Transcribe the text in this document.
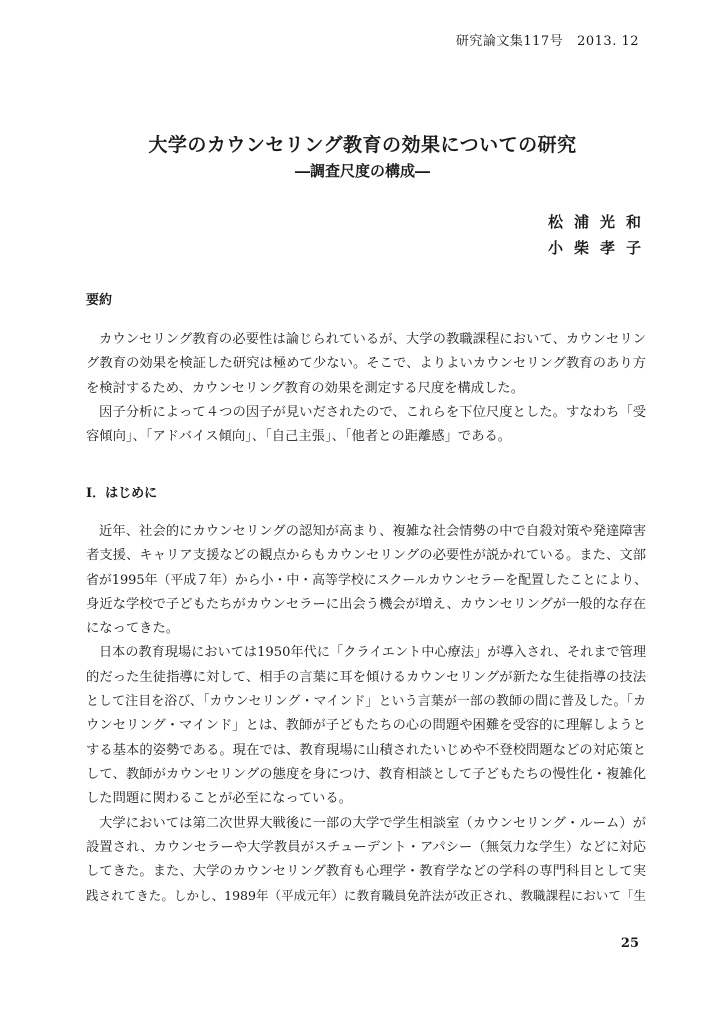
研究論文集117号 2013. 12
大学のカウンセリング教育の効果についての研究
―調査尺度の構成―
松浦光和
小柴孝子
要約
カウンセリング教育の必要性は論じられているが、大学の教職課程において、カウンセリン
グ教育の効果を検証した研究は極めて少ない。そこで、よりよいカウンセリング教育のあり方
を検討するため、カウンセリング教育の効果を測定する尺度を構成した。
因子分析によって４つの因子が見いだされたので、これらを下位尺度とした。すなわち「受
容傾向」、「アドバイス傾向」、「自己主張」、「他者との距離感」である。
Ⅰ．はじめに
近年、社会的にカウンセリングの認知が高まり、複雑な社会情勢の中で自殺対策や発達障害
者支援、キャリア支援などの観点からもカウンセリングの必要性が説かれている。また、文部
省が1995年（平成７年）から小・中・高等学校にスクールカウンセラーを配置したことにより、
身近な学校で子どもたちがカウンセラーに出会う機会が増え、カウンセリングが一般的な存在
になってきた。
日本の教育現場においては1950年代に「クライエント中心療法」が導入され、それまで管理
的だった生徒指導に対して、相手の言葉に耳を傾けるカウンセリングが新たな生徒指導の技法
として注目を浴び、「カウンセリング・マインド」という言葉が一部の教師の間に普及した。「カ
ウンセリング・マインド」とは、教師が子どもたちの心の問題や困難を受容的に理解しようと
する基本的姿勢である。現在では、教育現場に山積されたいじめや不登校問題などの対応策と
して、教師がカウンセリングの態度を身につけ、教育相談として子どもたちの慢性化・複雑化
した問題に関わることが必至になっている。
大学においては第二次世界大戦後に一部の大学で学生相談室（カウンセリング・ルーム）が
設置され、カウンセラーや大学教員がスチューデント・アパシー（無気力な学生）などに対応
してきた。また、大学のカウンセリング教育も心理学・教育学などの学科の専門科目として実
践されてきた。しかし、1989年（平成元年）に教育職員免許法が改正され、教職課程において「生
25
